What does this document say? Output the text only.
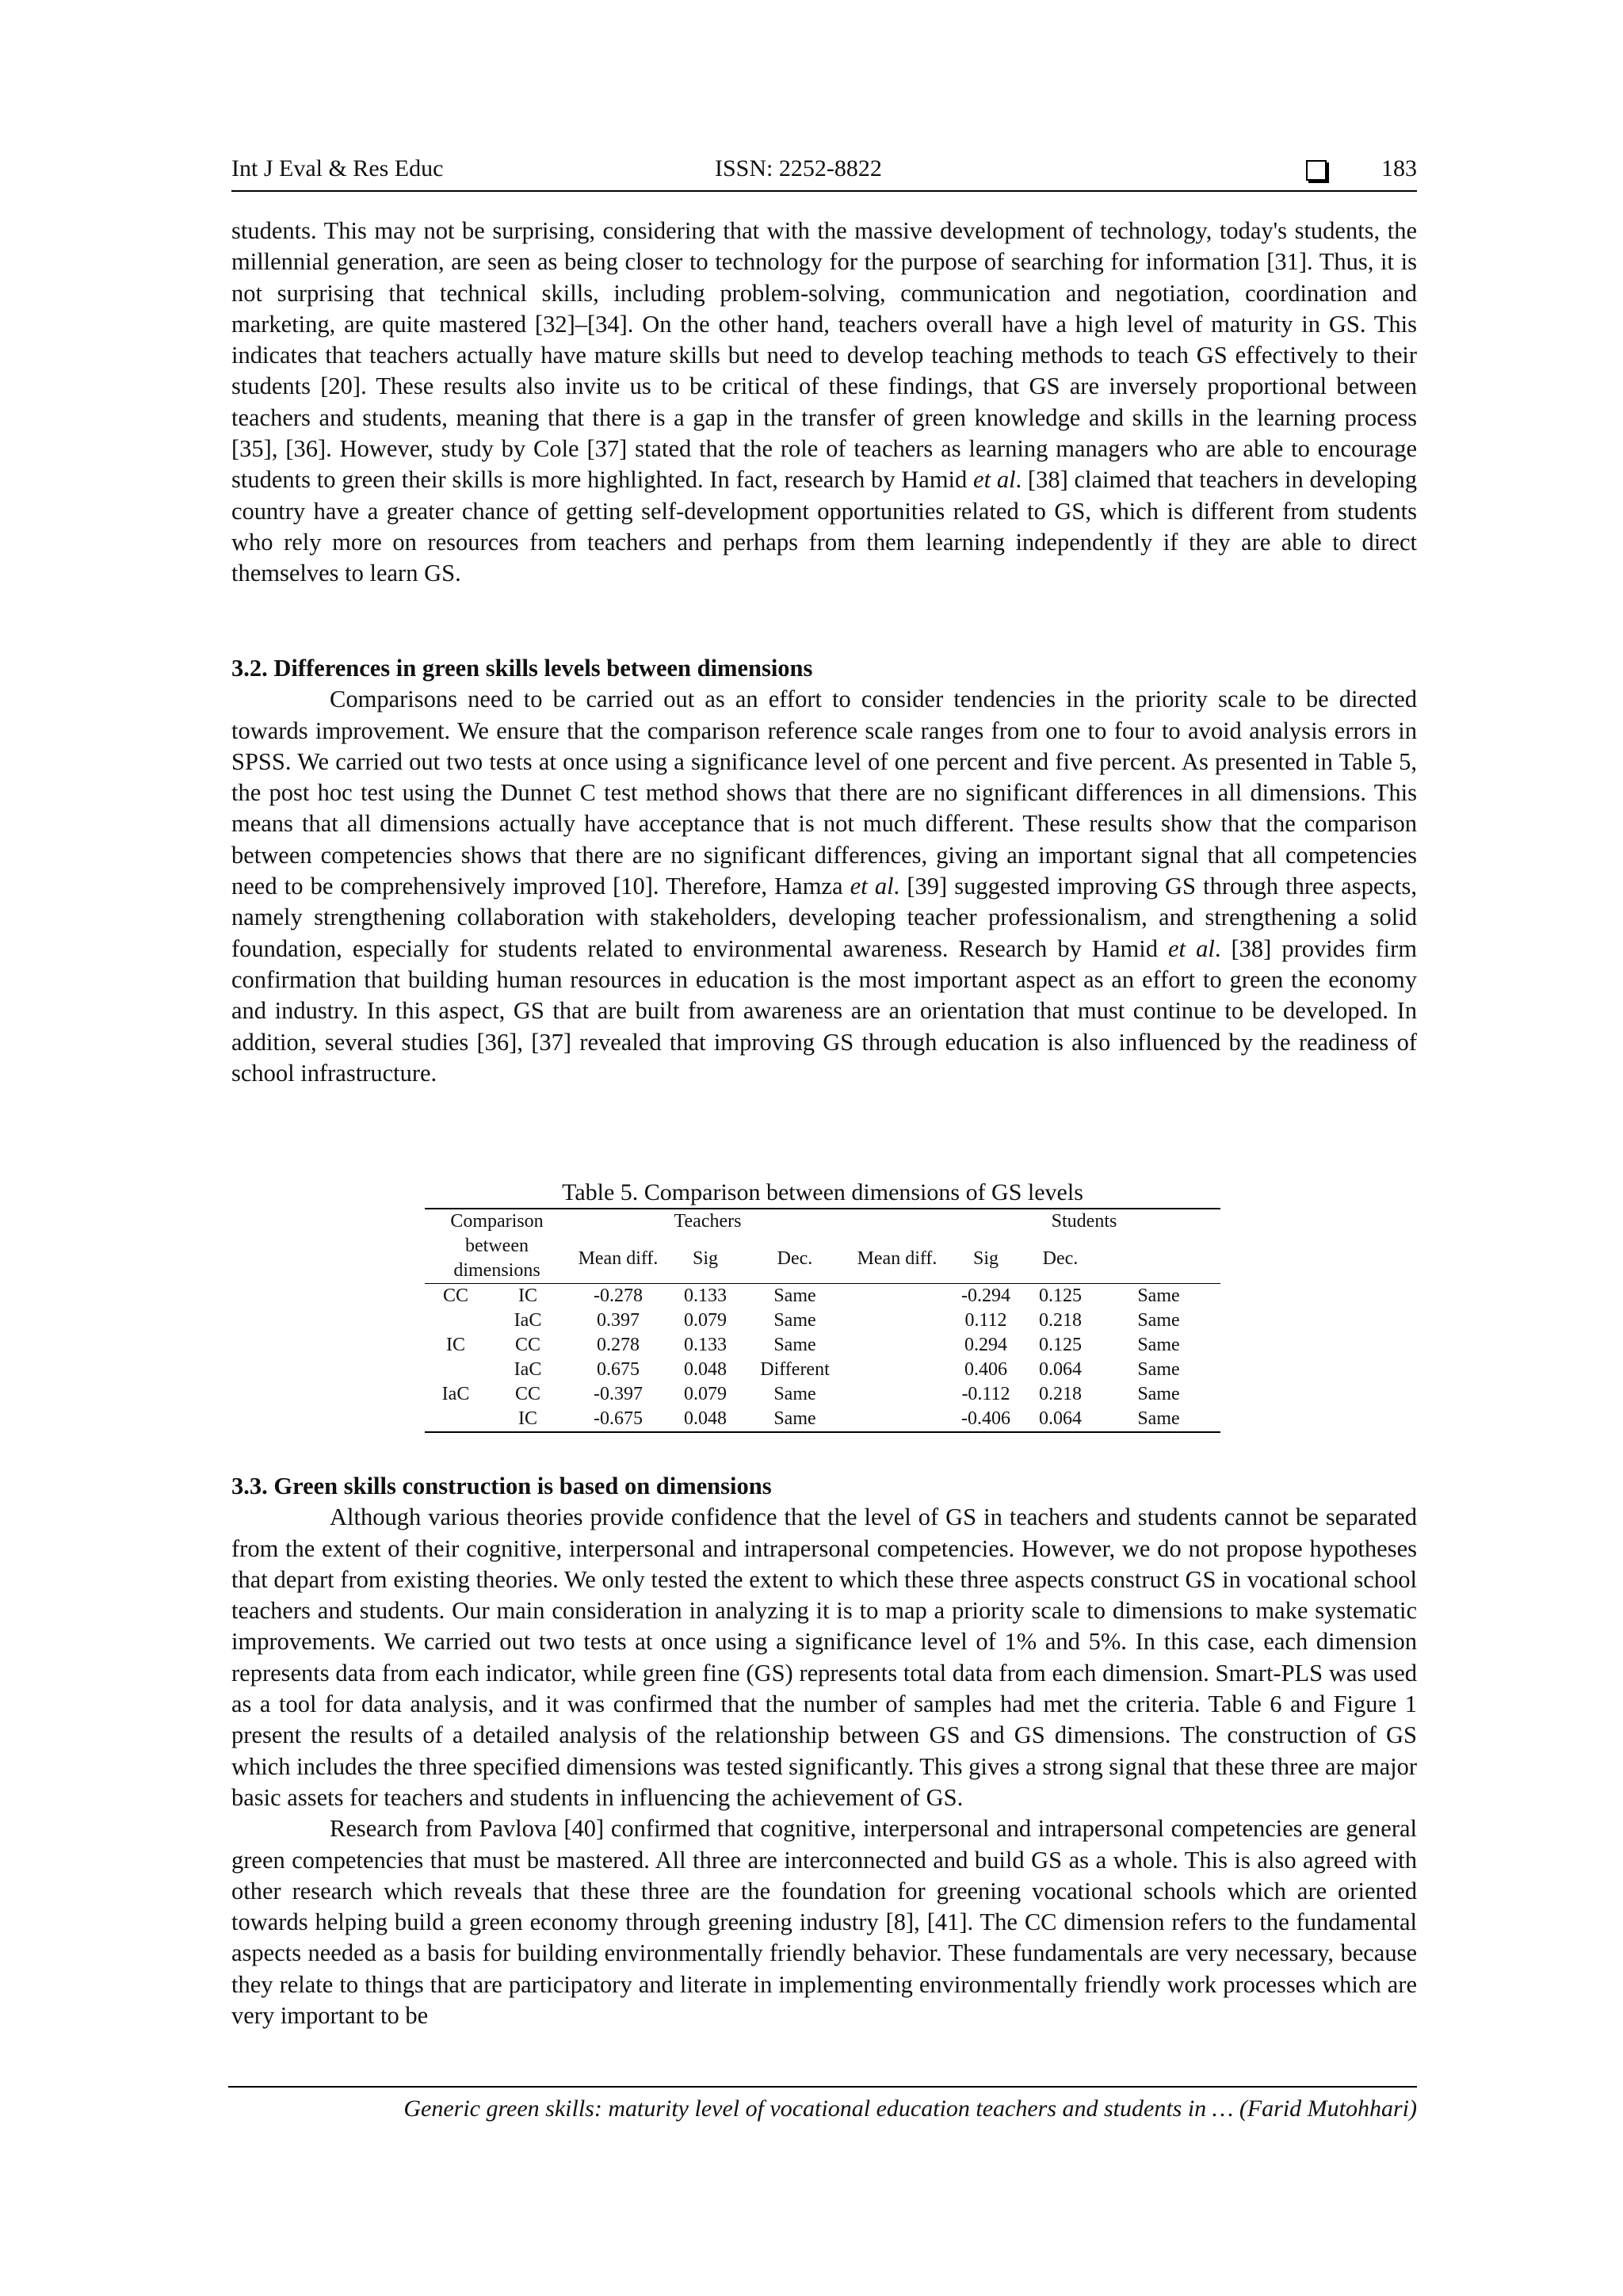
Int J Eval & Res Educ	ISSN: 2252-8822	183

students. This may not be surprising, considering that with the massive development of technology, today's students, the millennial generation, are seen as being closer to technology for the purpose of searching for information [31]. Thus, it is not surprising that technical skills, including problem-solving, communication and negotiation, coordination and marketing, are quite mastered [32]–[34]. On the other hand, teachers overall have a high level of maturity in GS. This indicates that teachers actually have mature skills but need to develop teaching methods to teach GS effectively to their students [20]. These results also invite us to be critical of these findings, that GS are inversely proportional between teachers and students, meaning that there is a gap in the transfer of green knowledge and skills in the learning process [35], [36]. However, study by Cole [37] stated that the role of teachers as learning managers who are able to encourage students to green their skills is more highlighted. In fact, research by Hamid et al. [38] claimed that teachers in developing country have a greater chance of getting self-development opportunities related to GS, which is different from students who rely more on resources from teachers and perhaps from them learning independently if they are able to direct themselves to learn GS.

3.2. Differences in green skills levels between dimensions

Comparisons need to be carried out as an effort to consider tendencies in the priority scale to be directed towards improvement. We ensure that the comparison reference scale ranges from one to four to avoid analysis errors in SPSS. We carried out two tests at once using a significance level of one percent and five percent. As presented in Table 5, the post hoc test using the Dunnet C test method shows that there are no significant differences in all dimensions. This means that all dimensions actually have acceptance that is not much different. These results show that the comparison between competencies shows that there are no significant differences, giving an important signal that all competencies need to be comprehensively improved [10]. Therefore, Hamza et al. [39] suggested improving GS through three aspects, namely strengthening collaboration with stakeholders, developing teacher professionalism, and strengthening a solid foundation, especially for students related to environmental awareness. Research by Hamid et al. [38] provides firm confirmation that building human resources in education is the most important aspect as an effort to green the economy and industry. In this aspect, GS that are built from awareness are an orientation that must continue to be developed. In addition, several studies [36], [37] revealed that improving GS through education is also influenced by the readiness of school infrastructure.

Table 5. Comparison between dimensions of GS levels
Comparison		Teachers				Students		
between dimensions		Mean diff.	Sig	Dec.	Mean diff.	Sig	Dec.	
CC	IC	-0.278	0.133	Same		-0.294	0.125	Same
	IaC	0.397	0.079	Same		0.112	0.218	Same
IC	CC	0.278	0.133	Same		0.294	0.125	Same
	IaC	0.675	0.048	Different		0.406	0.064	Same
IaC	CC	-0.397	0.079	Same		-0.112	0.218	Same
	IC	-0.675	0.048	Same		-0.406	0.064	Same

3.3. Green skills construction is based on dimensions

Although various theories provide confidence that the level of GS in teachers and students cannot be separated from the extent of their cognitive, interpersonal and intrapersonal competencies. However, we do not propose hypotheses that depart from existing theories. We only tested the extent to which these three aspects construct GS in vocational school teachers and students. Our main consideration in analyzing it is to map a priority scale to dimensions to make systematic improvements. We carried out two tests at once using a significance level of 1% and 5%. In this case, each dimension represents data from each indicator, while green fine (GS) represents total data from each dimension. Smart-PLS was used as a tool for data analysis, and it was confirmed that the number of samples had met the criteria. Table 6 and Figure 1 present the results of a detailed analysis of the relationship between GS and GS dimensions. The construction of GS which includes the three specified dimensions was tested significantly. This gives a strong signal that these three are major basic assets for teachers and students in influencing the achievement of GS.

Research from Pavlova [40] confirmed that cognitive, interpersonal and intrapersonal competencies are general green competencies that must be mastered. All three are interconnected and build GS as a whole. This is also agreed with other research which reveals that these three are the foundation for greening vocational schools which are oriented towards helping build a green economy through greening industry [8], [41]. The CC dimension refers to the fundamental aspects needed as a basis for building environmentally friendly behavior. These fundamentals are very necessary, because they relate to things that are participatory and literate in implementing environmentally friendly work processes which are very important to be

Generic green skills: maturity level of vocational education teachers and students in … (Farid Mutohhari)
